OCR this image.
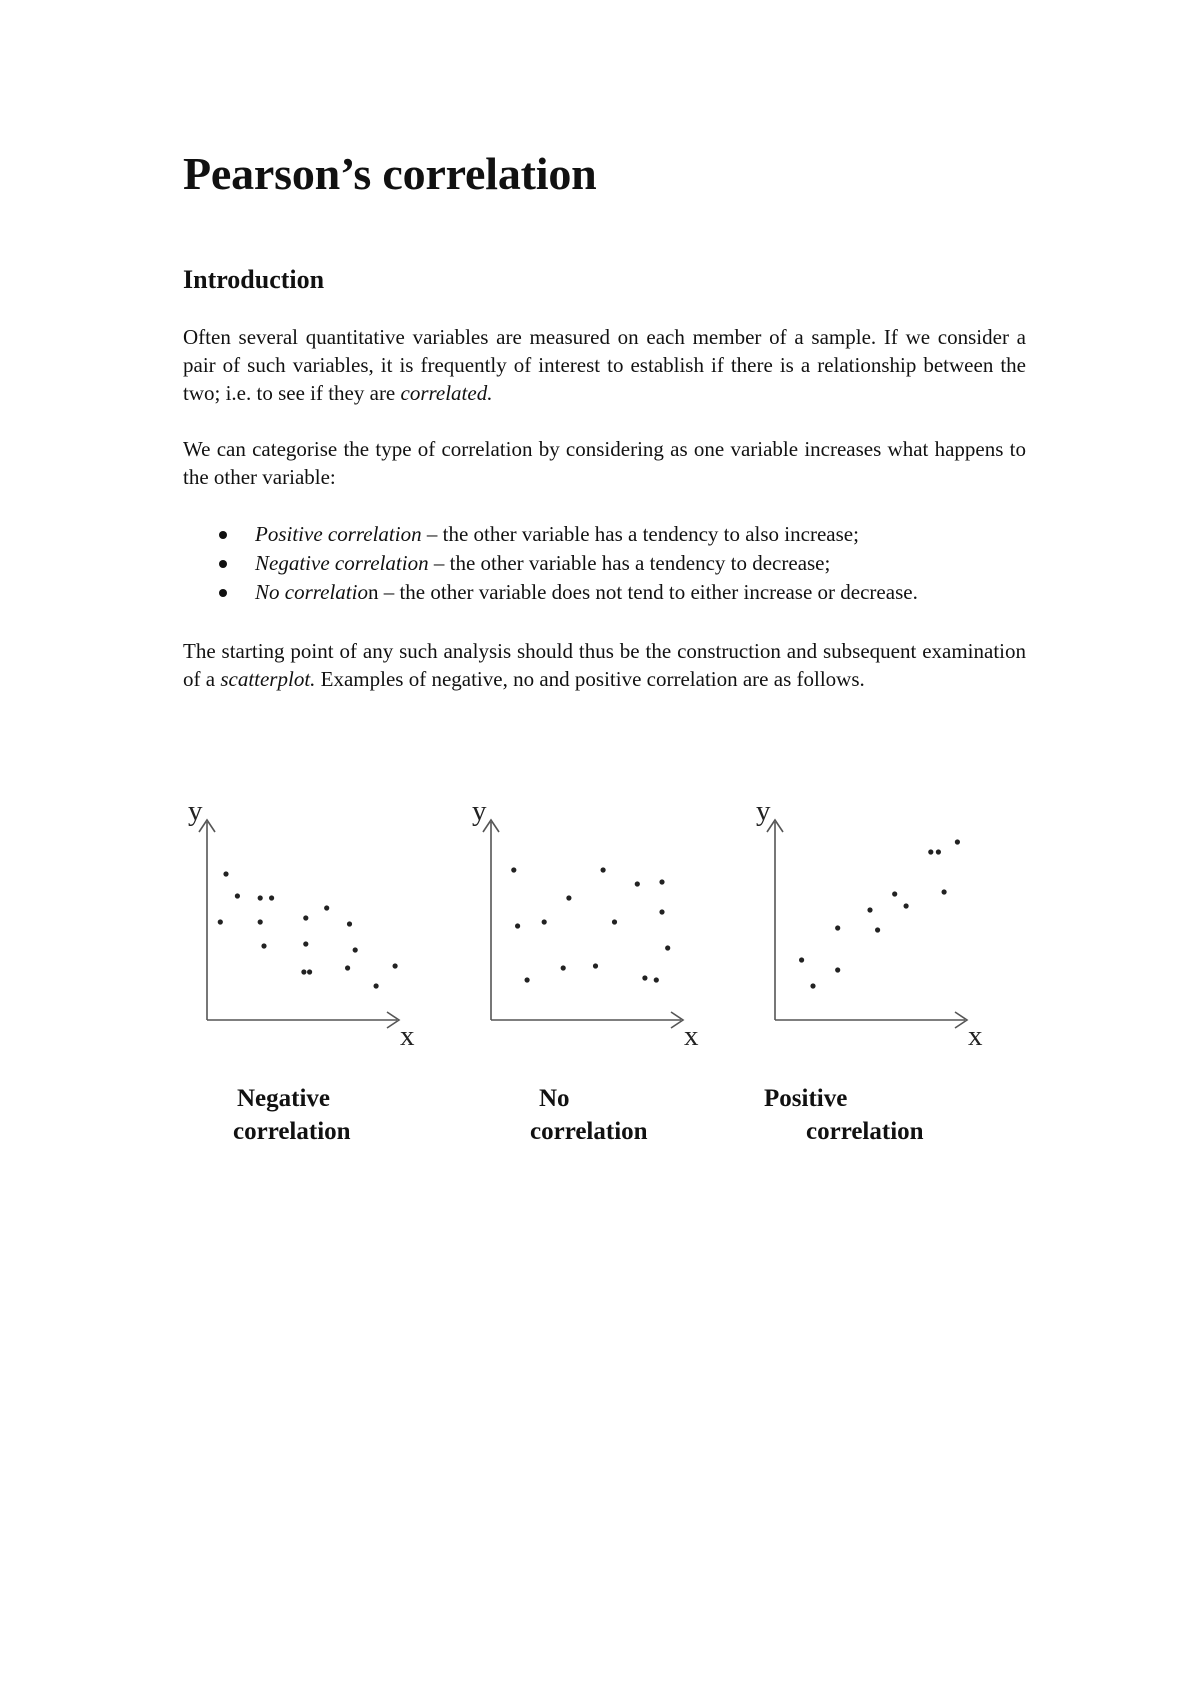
Pearson’s correlation
Introduction

Often several quantitative variables are measured on each member of a sample. If we consider a pair of such variables, it is frequently of interest to establish if there is a relationship between the two; i.e. to see if they are correlated.

We can categorise the type of correlation by considering as one variable increases what happens to the other variable:

Positive correlation – the other variable has a tendency to also increase;
Negative correlation – the other variable has a tendency to decrease;
No correlation – the other variable does not tend to either increase or decrease.

The starting point of any such analysis should thus be the construction and subsequent examination of a scatterplot. Examples of negative, no and positive correlation are as follows.

y
x
y
x
y
x
Negative
correlation
No
correlation
Positive
correlation
